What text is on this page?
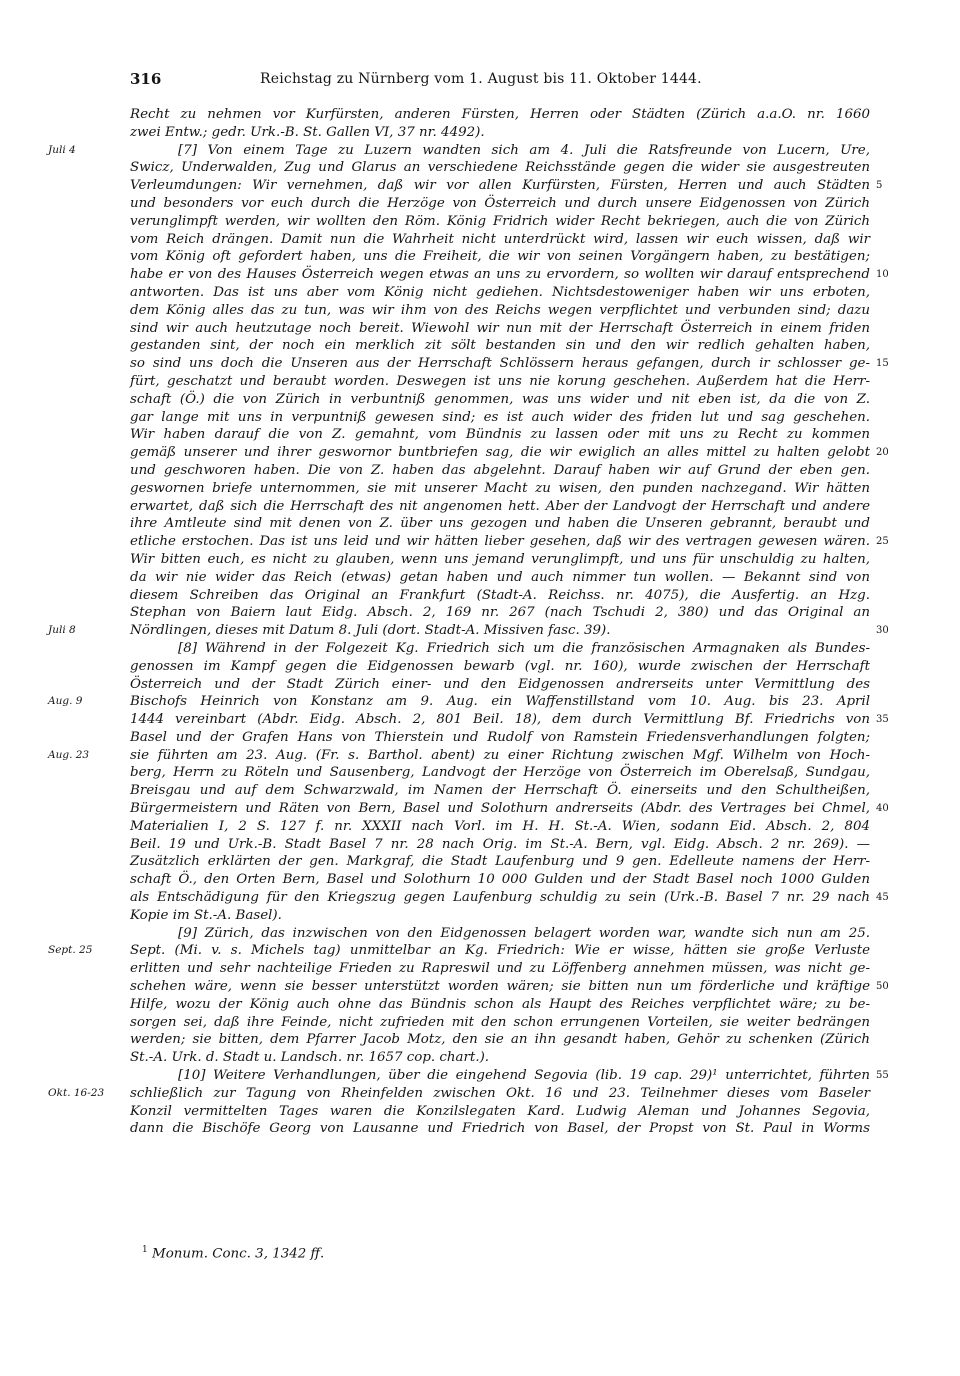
316	Reichstag zu Nürnberg vom 1. August bis 11. Oktober 1444.
Recht zu nehmen vor Kurfürsten, anderen Fürsten, Herren oder Städten (Zürich a.a.O. nr. 1660
zwei Entw.; gedr. Urk.-B. St. Gallen VI, 37 nr. 4492).
[7] Von einem Tage zu Luzern wandten sich am 4. Juli die Ratsfreunde von Lucern, Ure,
Juli 4
Swicz, Underwalden, Zug und Glarus an verschiedene Reichsstände gegen die wider sie ausgestreuten
Verleumdungen: Wir vernehmen, daß wir vor allen Kurfürsten, Fürsten, Herren und auch Städten 5
und besonders vor euch durch die Herzöge von Österreich und durch unsere Eidgenossen von Zürich
verunglimpft werden, wir wollten den Röm. König Fridrich wider Recht bekriegen, auch die von Zürich
vom Reich drängen. Damit nun die Wahrheit nicht unterdrückt wird, lassen wir euch wissen, daß wir
vom König oft gefordert haben, uns die Freiheit, die wir von seinen Vorgängern haben, zu bestätigen;
habe er von des Hauses Österreich wegen etwas an uns zu ervordern, so wollten wir darauf entsprechend 10
antworten. Das ist uns aber vom König nicht gediehen. Nichtsdestoweniger haben wir uns erboten,
dem König alles das zu tun, was wir ihm von des Reichs wegen verpflichtet und verbunden sind; dazu
sind wir auch heutzutage noch bereit. Wiewohl wir nun mit der Herrschaft Österreich in einem friden
gestanden sint, der noch ein merklich zit sölt bestanden sin und den wir redlich gehalten haben,
so sind uns doch die Unseren aus der Herrschaft Schlössern heraus gefangen, durch ir schlosser ge- 15
fürt, geschatzt und beraubt worden. Deswegen ist uns nie korung geschehen. Außerdem hat die Herr-
schaft (Ö.) die von Zürich in verbuntniß genommen, was uns wider und nit eben ist, da die von Z.
gar lange mit uns in verpuntniß gewesen sind; es ist auch wider des friden lut und sag geschehen.
Wir haben darauf die von Z. gemahnt, vom Bündnis zu lassen oder mit uns zu Recht zu kommen
gemäß unserer und ihrer geswornor buntbriefen sag, die wir ewiglich an alles mittel zu halten gelobt 20
und geschworen haben. Die von Z. haben das abgelehnt. Darauf haben wir auf Grund der eben gen.
geswornen briefe unternommen, sie mit unserer Macht zu wisen, den punden nachzegand. Wir hätten
erwartet, daß sich die Herrschaft des nit angenomen hett. Aber der Landvogt der Herrschaft und andere
ihre Amtleute sind mit denen von Z. über uns gezogen und haben die Unseren gebrannt, beraubt und
etliche erstochen. Das ist uns leid und wir hätten lieber gesehen, daß wir des vertragen gewesen wären. 25
Wir bitten euch, es nicht zu glauben, wenn uns jemand verunglimpft, und uns für unschuldig zu halten,
da wir nie wider das Reich (etwas) getan haben und auch nimmer tun wollen. — Bekannt sind von
diesem Schreiben das Original an Frankfurt (Stadt-A. Reichss. nr. 4075), die Ausfertig. an Hzg.
Stephan von Baiern laut Eidg. Absch. 2, 169 nr. 267 (nach Tschudi 2, 380) und das Original an
Nördlingen, dieses mit Datum 8. Juli (dort. Stadt-A. Missiven fasc. 39).
Juli 8	30
[8] Während in der Folgezeit Kg. Friedrich sich um die französischen Armagnaken als Bundes-
genossen im Kampf gegen die Eidgenossen bewarb (vgl. nr. 160), wurde zwischen der Herrschaft
Österreich und der Stadt Zürich einer- und den Eidgenossen andrerseits unter Vermittlung des
Bischofs Heinrich von Konstanz am 9. Aug. ein Waffenstillstand vom 10. Aug. bis 23. April
Aug. 9
1444 vereinbart (Abdr. Eidg. Absch. 2, 801 Beil. 18), dem durch Vermittlung Bf. Friedrichs von 35
Basel und der Grafen Hans von Thierstein und Rudolf von Ramstein Friedensverhandlungen folgten;
sie führten am 23. Aug. (Fr. s. Barthol. abent) zu einer Richtung zwischen Mgf. Wilhelm von Hoch-
Aug. 23
berg, Herrn zu Röteln und Sausenberg, Landvogt der Herzöge von Österreich im Oberelsaß, Sundgau,
Breisgau und auf dem Schwarzwald, im Namen der Herrschaft Ö. einerseits und den Schultheißen,
Bürgermeistern und Räten von Bern, Basel und Solothurn andrerseits (Abdr. des Vertrages bei Chmel, 40
Materialien I, 2 S. 127 f. nr. XXXII nach Vorl. im H. H. St.-A. Wien, sodann Eid. Absch. 2, 804
Beil. 19 und Urk.-B. Stadt Basel 7 nr. 28 nach Orig. im St.-A. Bern, vgl. Eidg. Absch. 2 nr. 269). —
Zusätzlich erklärten der gen. Markgraf, die Stadt Laufenburg und 9 gen. Edelleute namens der Herr-
schaft Ö., den Orten Bern, Basel und Solothurn 10 000 Gulden und der Stadt Basel noch 1000 Gulden
als Entschädigung für den Kriegszug gegen Laufenburg schuldig zu sein (Urk.-B. Basel 7 nr. 29 nach 45
Kopie im St.-A. Basel).
[9] Zürich, das inzwischen von den Eidgenossen belagert worden war, wandte sich nun am 25.
Sept. (Mi. v. s. Michels tag) unmittelbar an Kg. Friedrich: Wie er wisse, hätten sie große Verluste
Sept. 25
erlitten und sehr nachteilige Frieden zu Rapreswil und zu Löffenberg annehmen müssen, was nicht ge-
schehen wäre, wenn sie besser unterstützt worden wären; sie bitten nun um förderliche und kräftige 50
Hilfe, wozu der König auch ohne das Bündnis schon als Haupt des Reiches verpflichtet wäre; zu be-
sorgen sei, daß ihre Feinde, nicht zufrieden mit den schon errungenen Vorteilen, sie weiter bedrängen
werden; sie bitten, dem Pfarrer Jacob Motz, den sie an ihn gesandt haben, Gehör zu schenken (Zürich
St.-A. Urk. d. Stadt u. Landsch. nr. 1657 cop. chart.).
[10] Weitere Verhandlungen, über die eingehend Segovia (lib. 19 cap. 29)¹ unterrichtet, führten 55
schließlich zur Tagung von Rheinfelden zwischen Okt. 16 und 23. Teilnehmer dieses vom Baseler
Okt. 16-23
Konzil vermittelten Tages waren die Konzilslegaten Kard. Ludwig Aleman und Johannes Segovia,
dann die Bischöfe Georg von Lausanne und Friedrich von Basel, der Propst von St. Paul in Worms
$^1$ Monum. Conc. 3, 1342 ff.
